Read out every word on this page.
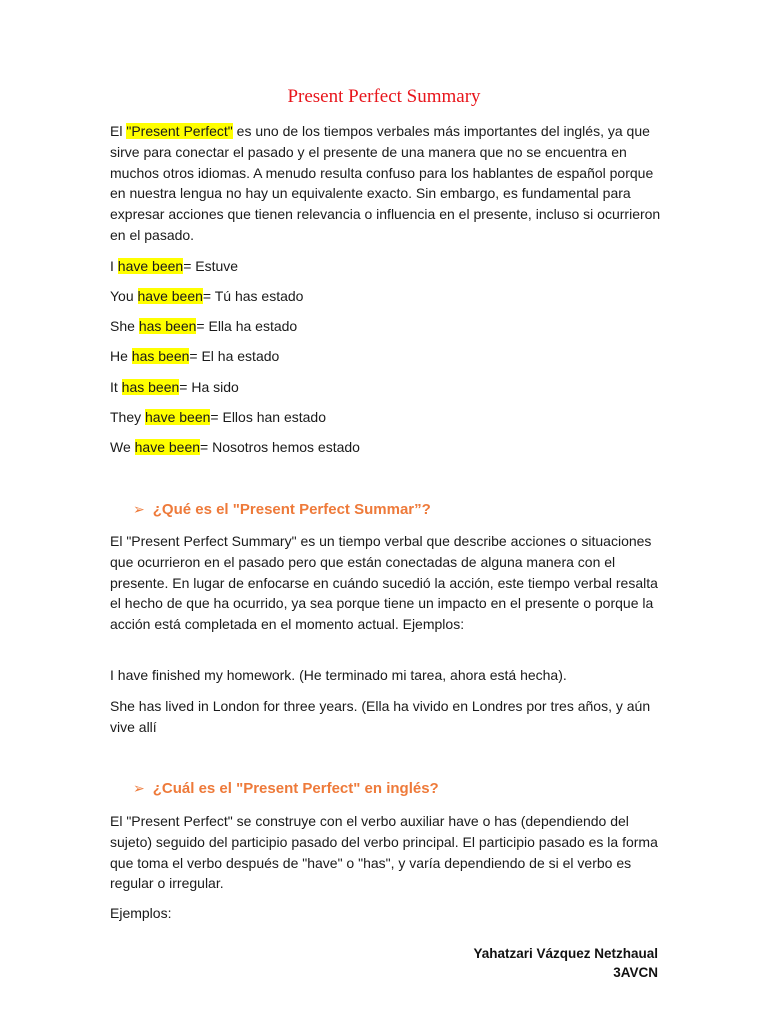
Present Perfect Summary

El "Present Perfect" es uno de los tiempos verbales más importantes del inglés, ya que sirve para conectar el pasado y el presente de una manera que no se encuentra en muchos otros idiomas. A menudo resulta confuso para los hablantes de español porque en nuestra lengua no hay un equivalente exacto. Sin embargo, es fundamental para expresar acciones que tienen relevancia o influencia en el presente, incluso si ocurrieron en el pasado.

I have been= Estuve

You have been= Tú has estado

She has been= Ella ha estado

He has been= El ha estado

It has been= Ha sido

They have been= Ellos han estado

We have been= Nosotros hemos estado

➢ ¿Qué es el "Present Perfect Summar”?

El "Present Perfect Summary" es un tiempo verbal que describe acciones o situaciones que ocurrieron en el pasado pero que están conectadas de alguna manera con el presente. En lugar de enfocarse en cuándo sucedió la acción, este tiempo verbal resalta el hecho de que ha ocurrido, ya sea porque tiene un impacto en el presente o porque la acción está completada en el momento actual. Ejemplos:

I have finished my homework. (He terminado mi tarea, ahora está hecha).

She has lived in London for three years. (Ella ha vivido en Londres por tres años, y aún vive allí

➢ ¿Cuál es el "Present Perfect" en inglés?

El "Present Perfect" se construye con el verbo auxiliar have o has (dependiendo del sujeto) seguido del participio pasado del verbo principal. El participio pasado es la forma que toma el verbo después de "have" o "has", y varía dependiendo de si el verbo es regular o irregular.

Ejemplos:

Yahatzari Vázquez Netzhaual

3AVCN
